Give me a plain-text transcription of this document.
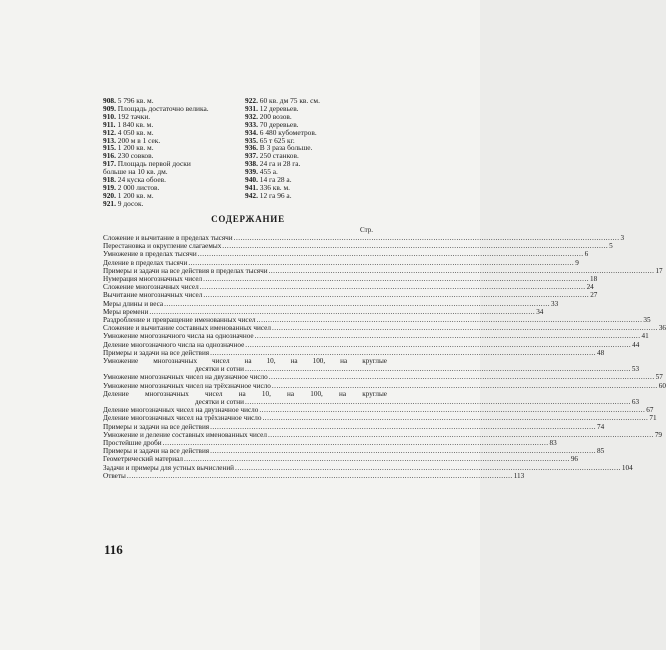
908. 5 796 кв. м.
909. Площадь достаточно велика.
910. 192 тачки.
911. 1 840 кв. м.
912. 4 050 кв. м.
913. 200 м в 1 сек.
915. 1 200 кв. м.
916. 230 совков.
917. Площадь первой доски
больше на 10 кв. дм.
918. 24 куска обоев.
919. 2 000 листов.
920. 1 200 кв. м.
921. 9 досок.
922. 60 кв. дм 75 кв. см.
931. 12 деревьев.
932. 200 возов.
933. 70 деревьев.
934. 6 480 кубометров.
935. 65 т 625 кг.
936. В 3 раза больше.
937. 250 станков.
938. 24 га и 28 га.
939. 455 а.
940. 14 га 28 а.
941. 336 кв. м.
942. 12 га 96 а.
СОДЕРЖАНИЕ
Стр.
Сложение и вычитание в пределах тысячи .....	3
Перестановка и округление слагаемых .....	5
Умножение в пределах тысячи .....	6
Деление в пределах тысячи .....	9
Примеры и задачи на все действия в пределах тысячи .....	17
Нумерация многозначных чисел .....	18
Сложение многозначных чисел .....	24
Вычитание многозначных чисел .....	27
Меры длины и веса .....	33
Меры времени .....	34
Раздробление и превращение именованных чисел .....	35
Сложение и вычитание составных именованных чисел .....	36
Умножение многозначного числа на однозначное .....	41
Деление многозначного числа на однозначное .....	44
Примеры и задачи на все действия .....	48
Умножение многозначных чисел на 10, на 100, на круглые
десятки и сотни .....	53
Умножение многозначных чисел на двузначное число .....	57
Умножение многозначных чисел на трёхзначное число .....	60
Деление многозначных чисел на 10, на 100, на круглые
десятки и сотни .....	63
Деление многозначных чисел на двузначное число .....	67
Деление многозначных чисел на трёхзначное число .....	71
Примеры и задачи на все действия .....	74
Умножение и деление составных именованных чисел .....	79
Простейшие дроби .....	83
Примеры и задачи на все действия .....	85
Геометрический материал .....	96
Задачи и примеры для устных вычислений .....	104
Ответы .....	113
116
